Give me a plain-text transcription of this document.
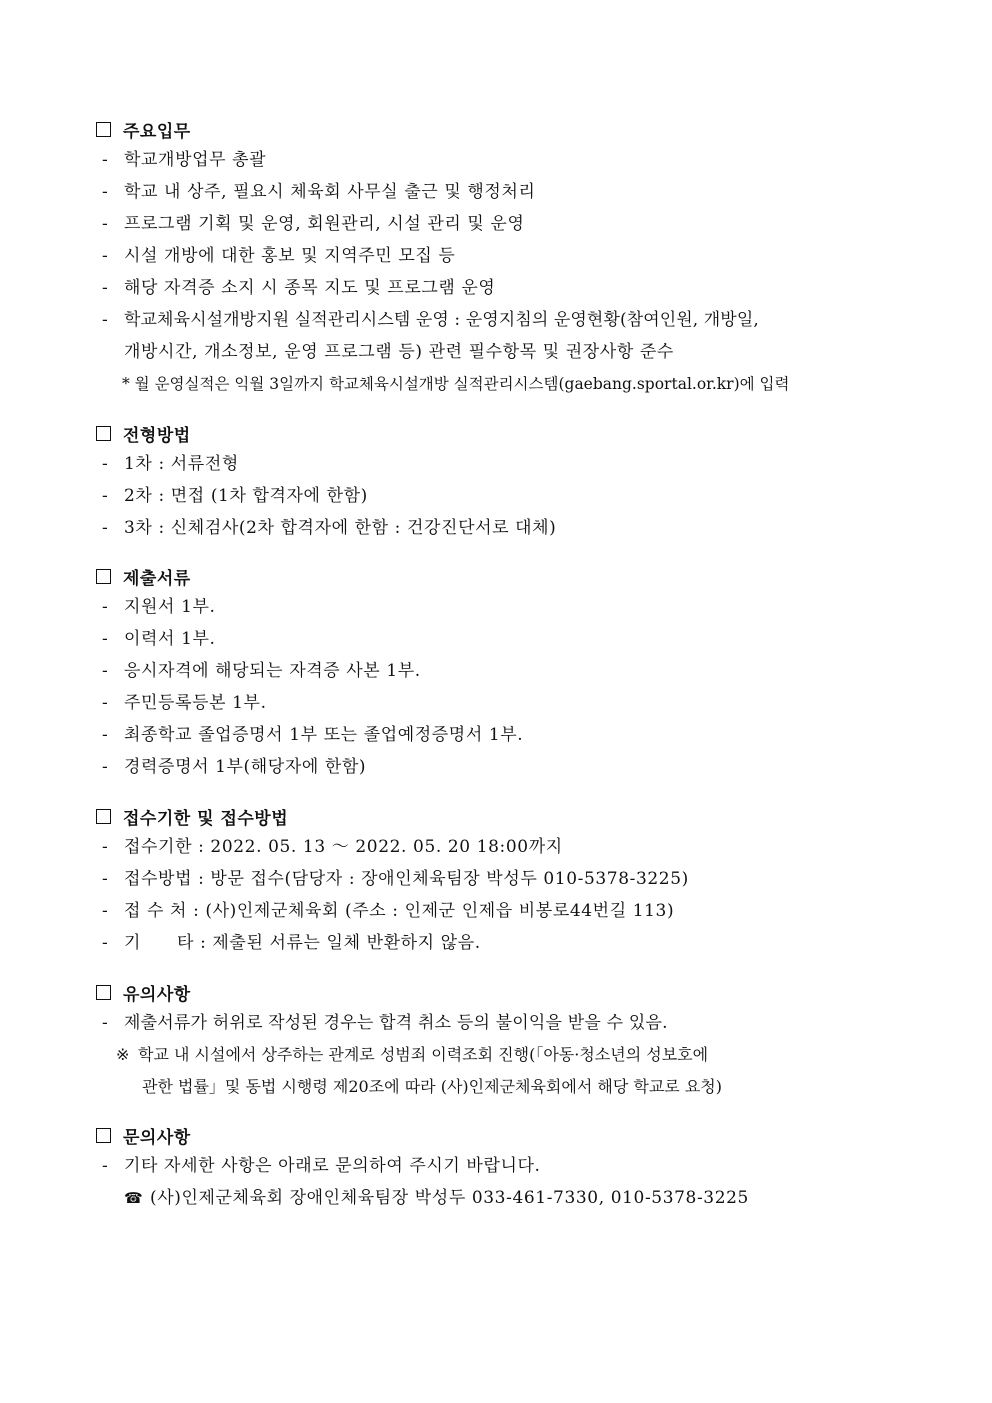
주요입무
- 학교개방업무 총괄
- 학교 내 상주, 필요시 체육회 사무실 출근 및 행정처리
- 프로그램 기획 및 운영, 회원관리, 시설 관리 및 운영
- 시설 개방에 대한 홍보 및 지역주민 모집 등
- 해당 자격증 소지 시 종목 지도 및 프로그램 운영
- 학교체육시설개방지원 실적관리시스템 운영 : 운영지침의 운영현황(참여인원, 개방일,
개방시간, 개소정보, 운영 프로그램 등) 관련 필수항목 및 권장사항 준수
* 월 운영실적은 익월 3일까지 학교체육시설개방 실적관리시스템(gaebang.sportal.or.kr)에 입력
전형방법
- 1차 : 서류전형
- 2차 : 면접 (1차 합격자에 한함)
- 3차 : 신체검사(2차 합격자에 한함 : 건강진단서로 대체)
제출서류
- 지원서 1부.
- 이력서 1부.
- 응시자격에 해당되는 자격증 사본 1부.
- 주민등록등본 1부.
- 최종학교 졸업증명서 1부 또는 졸업예정증명서 1부.
- 경력증명서 1부(해당자에 한함)
접수기한 및 접수방법
- 접수기한 : 2022. 05. 13 ～ 2022. 05. 20 18:00까지
- 접수방법 : 방문 접수(담당자 : 장애인체육팀장 박성두 010-5378-3225)
- 접 수 처 : (사)인제군체육회 (주소 : 인제군 인제읍 비봉로44번길 113)
- 기      타 : 제출된 서류는 일체 반환하지 않음.
유의사항
- 제출서류가 허위로 작성된 경우는 합격 취소 등의 불이익을 받을 수 있음.
※ 학교 내 시설에서 상주하는 관계로 성범죄 이력조회 진행(「아동·청소년의 성보호에
관한 법률」및 동법 시행령 제20조에 따라 (사)인제군체육회에서 해당 학교로 요청)
문의사항
- 기타 자세한 사항은 아래로 문의하여 주시기 바랍니다.
☎ (사)인제군체육회 장애인체육팀장 박성두 033-461-7330, 010-5378-3225
